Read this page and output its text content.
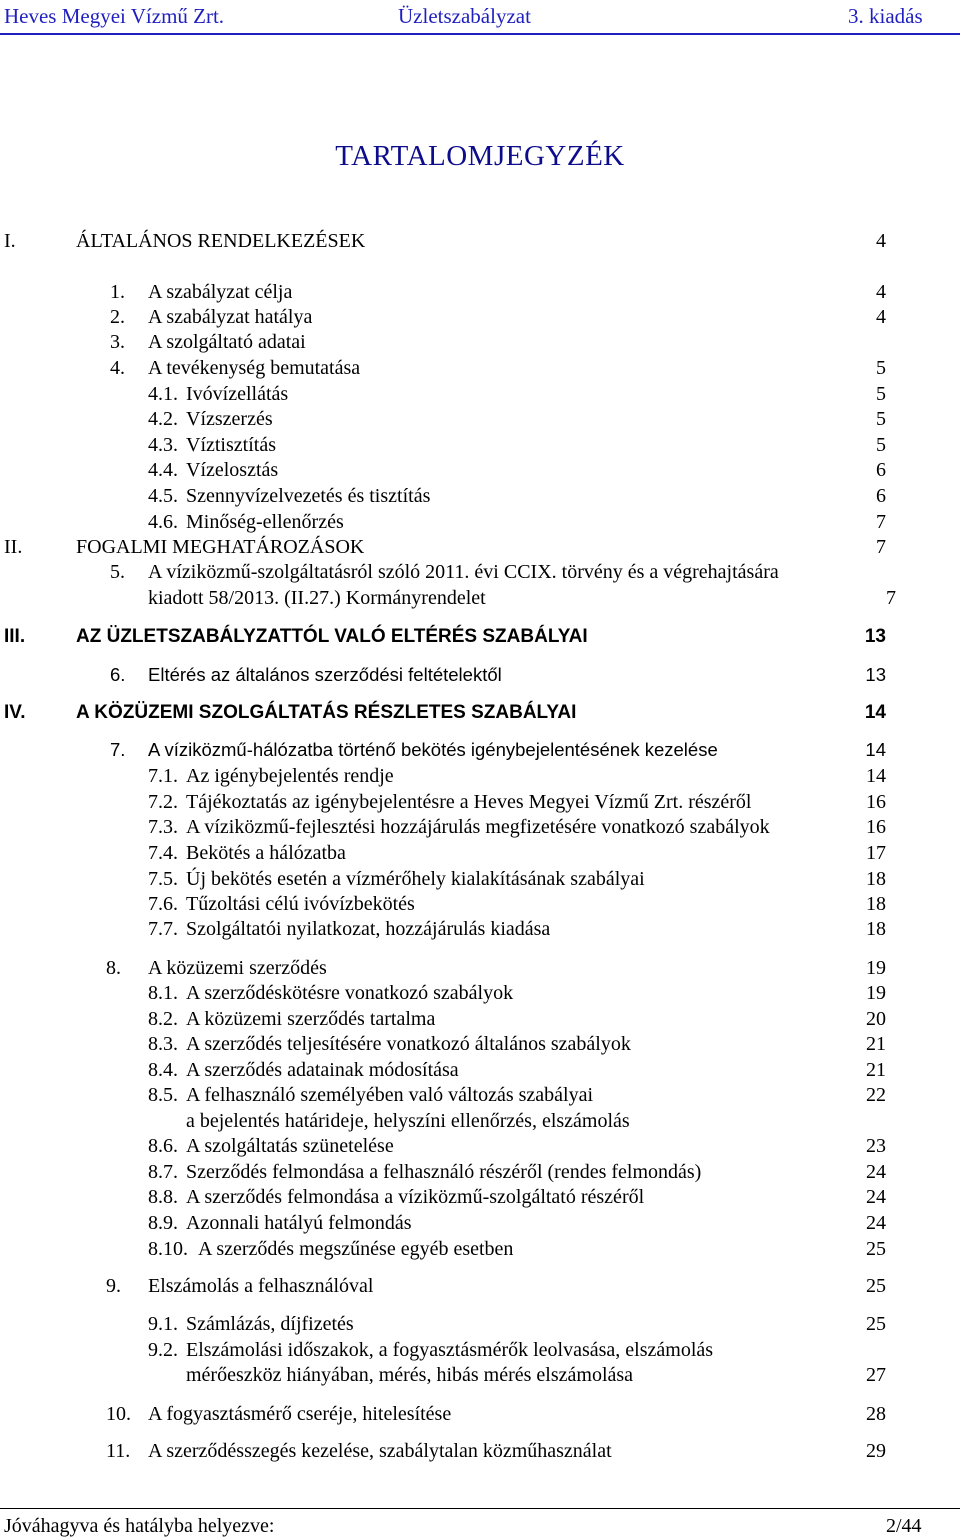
Heves Megyei Vízmű Zrt.	Üzletszabályzat	3. kiadás
TARTALOMJEGYZÉK
I.	ÁLTALÁNOS RENDELKEZÉSEK	4
1. A szabályzat célja	4
2. A szabályzat hatálya	4
3. A szolgáltató adatai
4. A tevékenység bemutatása	5
4.1. Ivóvízellátás	5
4.2. Vízszerzés	5
4.3. Víztisztítás	5
4.4. Vízelosztás	6
4.5. Szennyvízelvezetés és tisztítás	6
4.6. Minőség-ellenőrzés	7
II.	FOGALMI MEGHATÁROZÁSOK	7
5. A víziközmű-szolgáltatásról szóló 2011. évi CCIX. törvény és a végrehajtására
kiadott 58/2013. (II.27.) Kormányrendelet	7
III.	AZ ÜZLETSZABÁLYZATTÓL VALÓ ELTÉRÉS SZABÁLYAI	13
6. Eltérés az általános szerződési feltételektől	13
IV.	A KÖZÜZEMI SZOLGÁLTATÁS RÉSZLETES SZABÁLYAI	14
7. A víziközmű-hálózatba történő bekötés igénybejelentésének kezelése	14
7.1. Az igénybejelentés rendje	14
7.2. Tájékoztatás az igénybejelentésre a Heves Megyei Vízmű Zrt. részéről	16
7.3. A víziközmű-fejlesztési hozzájárulás megfizetésére vonatkozó szabályok	16
7.4. Bekötés a hálózatba	17
7.5. Új bekötés esetén a vízmérőhely kialakításának szabályai	18
7.6. Tűzoltási célú ivóvízbekötés	18
7.7. Szolgáltatói nyilatkozat, hozzájárulás kiadása	18
8. A közüzemi szerződés	19
8.1. A szerződéskötésre vonatkozó szabályok	19
8.2. A közüzemi szerződés tartalma	20
8.3. A szerződés teljesítésére vonatkozó általános szabályok	21
8.4. A szerződés adatainak módosítása	21
8.5. A felhasználó személyében való változás szabályai	22
a bejelentés határideje, helyszíni ellenőrzés, elszámolás
8.6. A szolgáltatás szünetelése	23
8.7. Szerződés felmondása a felhasználó részéről (rendes felmondás)	24
8.8. A szerződés felmondása a víziközmű-szolgáltató részéről	24
8.9. Azonnali hatályú felmondás	24
8.10. A szerződés megszűnése egyéb esetben	25
9. Elszámolás a felhasználóval	25
9.1. Számlázás, díjfizetés	25
9.2. Elszámolási időszakok, a fogyasztásmérők leolvasása, elszámolás
mérőeszköz hiányában, mérés, hibás mérés elszámolása	27
10. A fogyasztásmérő cseréje, hitelesítése	28
11. A szerződésszegés kezelése, szabálytalan közműhasználat	29
Jóváhagyva és hatályba helyezve:	2/44
